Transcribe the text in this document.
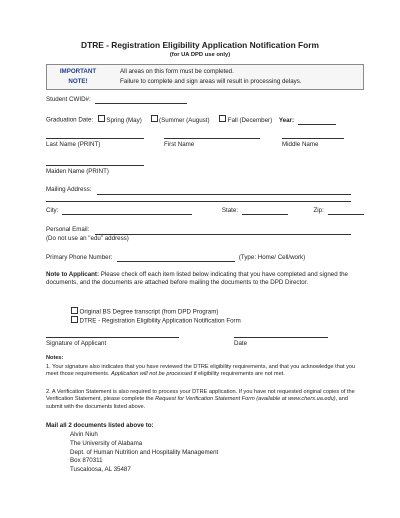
DTRE - Registration Eligibility Application Notification Form
(for UA DPD use only)
IMPORTANT
NOTE!
All areas on this form must be completed.
Failure to complete and sign areas will result in processing delays.
Student CWID#:
Graduation Date: Spring (May)	(Summer (August)	Fall (December) Year:
Last Name (PRINT)	First Name	Middle Name
Maiden Name (PRINT)
Mailing Address:
City:	State:	Zip:
Personal Email:
(Do not use an "edu" address)
Primary Phone Number:	(Type: Home/ Cell/work)
Note to Applicant: Please check off each item listed below indicating that you have completed and signed the documents, and the documents are attached before mailing the documents to the DPD Director.
Original BS Degree transcript (from DPD Program)
DTRE - Registration Eligibility Application Notification Form
Signature of Applicant	Date
Notes:
1. Your signature also indicates that you have reviewed the DTRE eligibility requirements, and that you acknowledge that you meet those requirements. Application will not be processed if eligibility requirements are not met.
2. A Verification Statement is also required to process your DTRE application. If you have not requested original copies of the Verification Statement, please complete the Request for Verification Statement Form (available at www.chers.ua.edu), and submit with the documents listed above.
Mail all 2 documents listed above to:
Alvin Niuh
The University of Alabama
Dept. of Human Nutrition and Hospitality Management
Box 870311
Tuscaloosa, AL 35487
